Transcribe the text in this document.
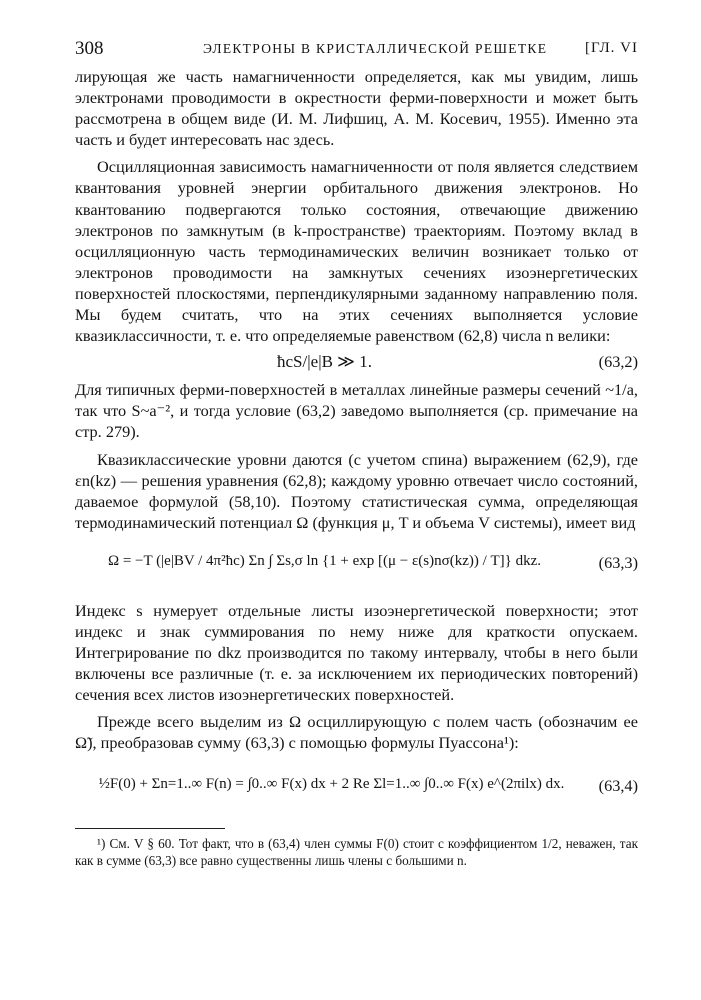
308	ЭЛЕКТРОНЫ В КРИСТАЛЛИЧЕСКОЙ РЕШЕТКЕ	[ГЛ. VI

лирующая же часть намагниченности определяется, как мы увидим, лишь электронами проводимости в окрестности ферми-поверхности и может быть рассмотрена в общем виде (И. М. Лифшиц, А. М. Косевич, 1955). Именно эта часть и будет интересовать нас здесь.

Осцилляционная зависимость намагниченности от поля является следствием квантования уровней энергии орбитального движения электронов. Но квантованию подвергаются только состояния, отвечающие движению электронов по замкнутым (в k-пространстве) траекториям. Поэтому вклад в осцилляционную часть термодинамических величин возникает только от электронов проводимости на замкнутых сечениях изоэнергетических поверхностей плоскостями, перпендикулярными заданному направлению поля. Мы будем считать, что на этих сечениях выполняется условие квазиклассичности, т. е. что определяемые равенством (62,8) числа n велики:

ħcS/|e|B ≫ 1.	(63,2)

Для типичных ферми-поверхностей в металлах линейные размеры сечений ~1/a, так что S~a⁻², и тогда условие (63,2) заведомо выполняется (ср. примечание на стр. 279).

Квазиклассические уровни даются (с учетом спина) выражением (62,9), где εn(kz) — решения уравнения (62,8); каждому уровню отвечает число состояний, даваемое формулой (58,10). Поэтому статистическая сумма, определяющая термодинамический потенциал Ω (функция μ, T и объема V системы), имеет вид

Ω = −T (|e|BV / 4π²ħc) Σn ∫ Σs,σ ln {1 + exp [(μ − ε(s)nσ(kz)) / T]} dkz.	(63,3)

Индекс s нумерует отдельные листы изоэнергетической поверхности; этот индекс и знак суммирования по нему ниже для краткости опускаем. Интегрирование по dkz производится по такому интервалу, чтобы в него были включены все различные (т. е. за исключением их периодических повторений) сечения всех листов изоэнергетических поверхностей.

Прежде всего выделим из Ω осциллирующую с полем часть (обозначим ее Ω̃), преобразовав сумму (63,3) с помощью формулы Пуассона¹):

½F(0) + Σn=1..∞ F(n) = ∫0..∞ F(x) dx + 2 Re Σl=1..∞ ∫0..∞ F(x) e^(2πilx) dx.	(63,4)

¹) См. V § 60. Тот факт, что в (63,4) член суммы F(0) стоит с коэффициентом 1/2, неважен, так как в сумме (63,3) все равно существенны лишь члены с большими n.
